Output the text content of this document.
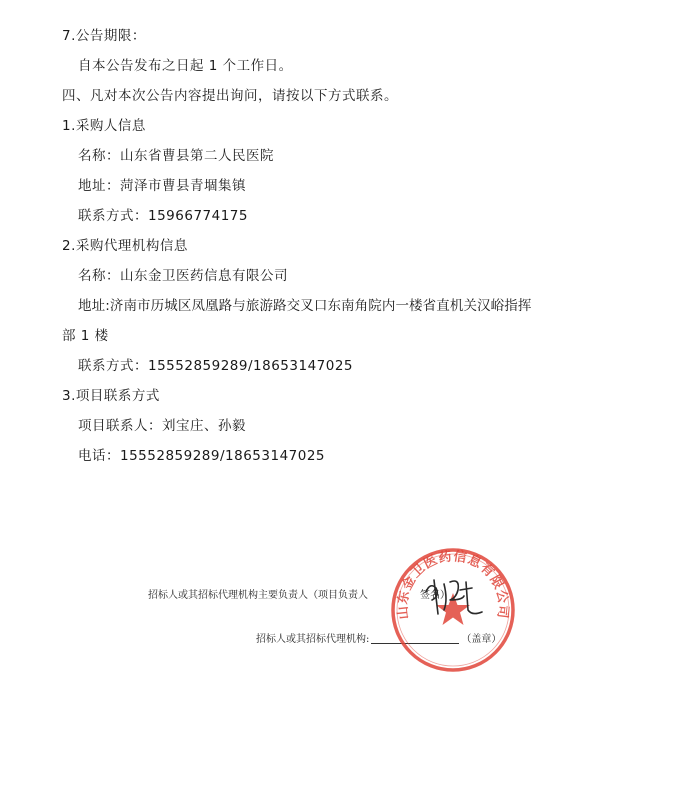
7.公告期限：
自本公告发布之日起 1 个工作日。
四、凡对本次公告内容提出询问，请按以下方式联系。
1.采购人信息
名称：山东省曹县第二人民医院
地址：菏泽市曹县青堌集镇
联系方式：15966774175
2.采购代理机构信息
名称：山东金卫医药信息有限公司
地址:济南市历城区凤凰路与旅游路交叉口东南角院内一楼省直机关汉峪指挥
部 1 楼
联系方式：15552859289/18653147025
3.项目联系方式
项目联系人：刘宝庄、孙毅
电话：15552859289/18653147025
招标人或其招标代理机构主要负责人（项目负责人	签名）
招标人或其招标代理机构:	（盖章）
山东金卫医药信息有限公司
